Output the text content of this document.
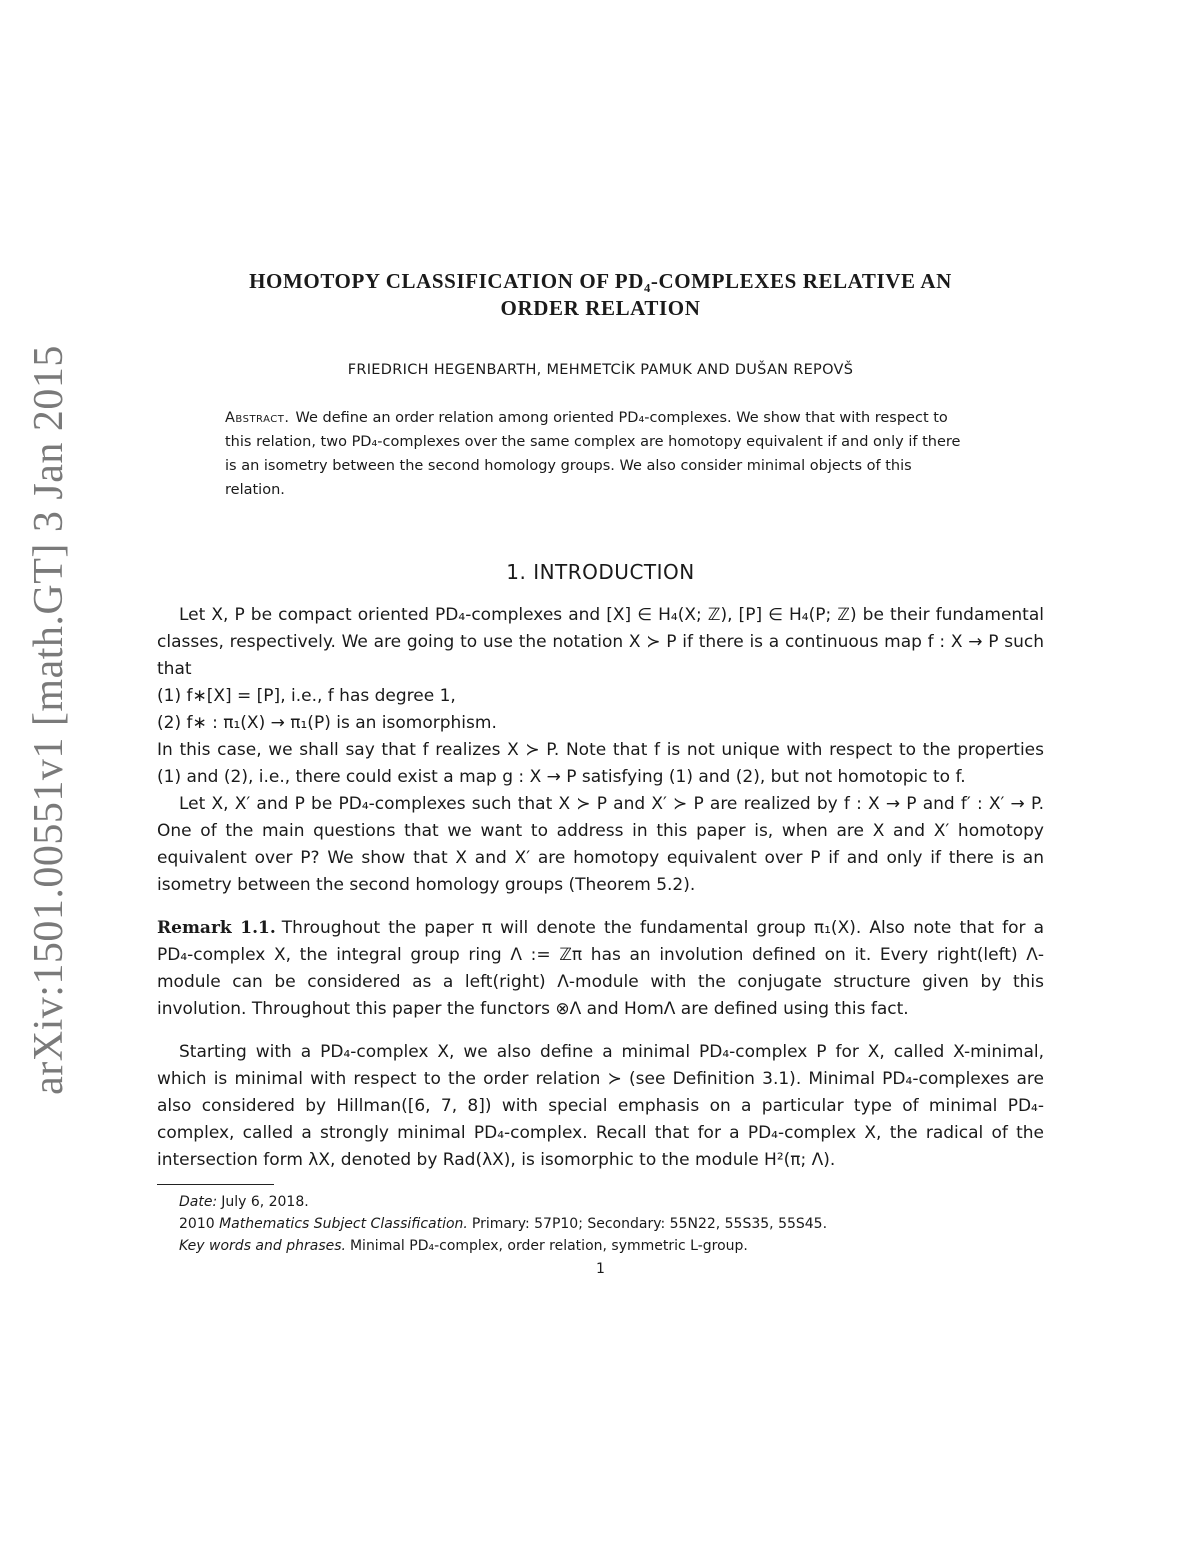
arXiv:1501.00551v1 [math.GT] 3 Jan 2015
HOMOTOPY CLASSIFICATION OF PD₄-COMPLEXES RELATIVE AN
ORDER RELATION
FRIEDRICH HEGENBARTH, MEHMETCİK PAMUK AND DUŠAN REPOVŠ
Abstract. We define an order relation among oriented PD₄-complexes. We show that with respect to this relation, two PD₄-complexes over the same complex are homotopy equivalent if and only if there is an isometry between the second homology groups. We also consider minimal objects of this relation.
1. INTRODUCTION

Let X, P be compact oriented PD₄-complexes and [X] ∈ H₄(X; ℤ), [P] ∈ H₄(P; ℤ) be their fundamental classes, respectively. We are going to use the notation X ≻ P if there is a continuous map f : X → P such that

(1) f∗[X] = [P], i.e., f has degree 1,

(2) f∗ : π₁(X) → π₁(P) is an isomorphism.

In this case, we shall say that f realizes X ≻ P. Note that f is not unique with respect to the properties (1) and (2), i.e., there could exist a map g : X → P satisfying (1) and (2), but not homotopic to f.

Let X, X′ and P be PD₄-complexes such that X ≻ P and X′ ≻ P are realized by f : X → P and f′ : X′ → P. One of the main questions that we want to address in this paper is, when are X and X′ homotopy equivalent over P? We show that X and X′ are homotopy equivalent over P if and only if there is an isometry between the second homology groups (Theorem 5.2).

Remark 1.1. Throughout the paper π will denote the fundamental group π₁(X). Also note that for a PD₄-complex X, the integral group ring Λ := ℤπ has an involution defined on it. Every right(left) Λ-module can be considered as a left(right) Λ-module with the conjugate structure given by this involution. Throughout this paper the functors ⊗Λ and HomΛ are defined using this fact.

Starting with a PD₄-complex X, we also define a minimal PD₄-complex P for X, called X-minimal, which is minimal with respect to the order relation ≻ (see Definition 3.1). Minimal PD₄-complexes are also considered by Hillman([6, 7, 8]) with special emphasis on a particular type of minimal PD₄-complex, called a strongly minimal PD₄-complex. Recall that for a PD₄-complex X, the radical of the intersection form λX, denoted by Rad(λX), is isomorphic to the module H²(π; Λ).

Date: July 6, 2018.

2010 Mathematics Subject Classification. Primary: 57P10; Secondary: 55N22, 55S35, 55S45.

Key words and phrases. Minimal PD₄-complex, order relation, symmetric L-group.

1
